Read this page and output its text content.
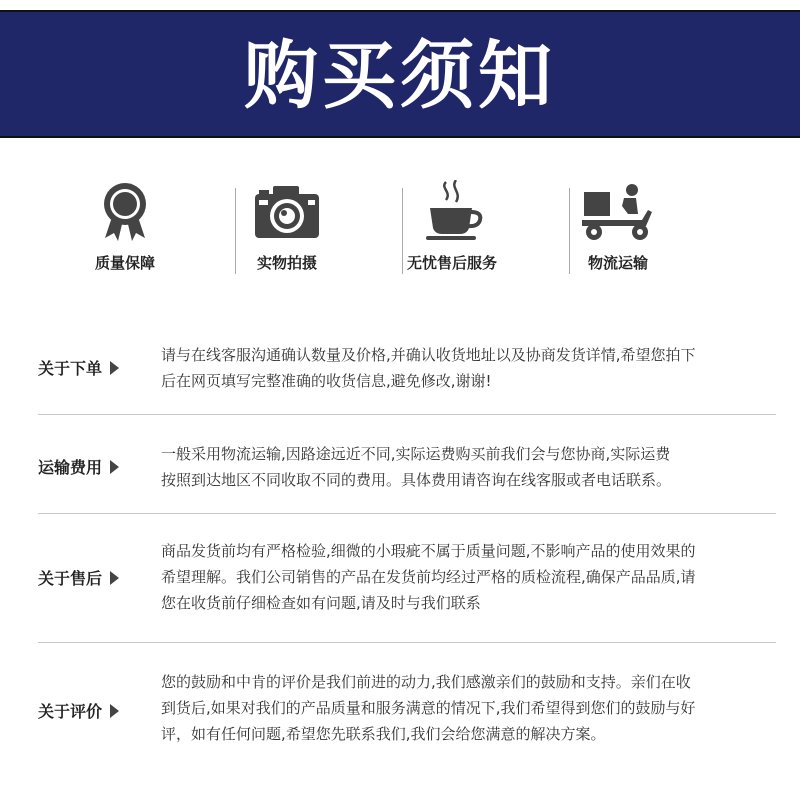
购买须知
质量保障	实物拍摄	无忧售后服务	物流运输
关于下单
请与在线客服沟通确认数量及价格,并确认收货地址以及协商发货详情,希望您拍下
后在网页填写完整准确的收货信息,避免修改,谢谢!
运输费用
一般采用物流运输,因路途远近不同,实际运费购买前我们会与您协商,实际运费
按照到达地区不同收取不同的费用。具体费用请咨询在线客服或者电话联系。
关于售后
商品发货前均有严格检验,细微的小瑕疵不属于质量问题,不影响产品的使用效果的
希望理解。我们公司销售的产品在发货前均经过严格的质检流程,确保产品品质,请
您在收货前仔细检查如有问题,请及时与我们联系
关于评价
您的鼓励和中肯的评价是我们前进的动力,我们感激亲们的鼓励和支持。亲们在收
到货后,如果对我们的产品质量和服务满意的情况下,我们希望得到您们的鼓励与好
评，如有任何问题,希望您先联系我们,我们会给您满意的解决方案。
